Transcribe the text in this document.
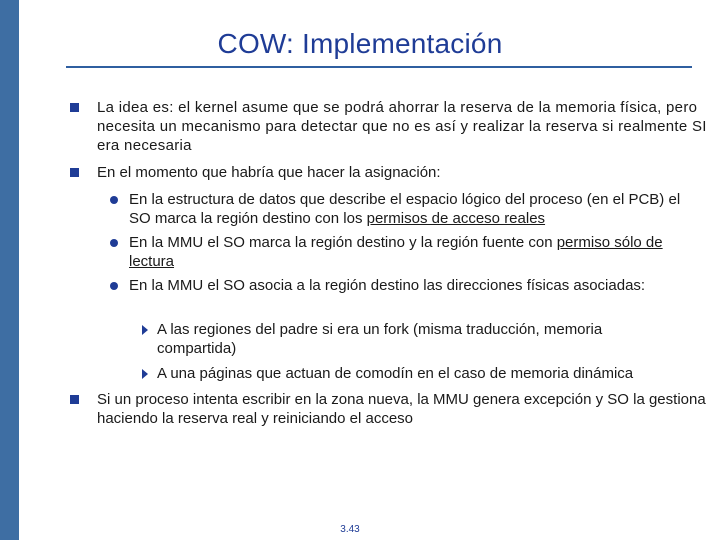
COW: Implementación
La idea es: el kernel asume que se podrá ahorrar la reserva de la memoria física, pero necesita un mecanismo para detectar que no es así y realizar la reserva si realmente SI era necesaria
En el momento que habría que hacer la asignación:
En la estructura de datos que describe el espacio lógico del proceso (en el PCB) el SO marca la región destino con los permisos de acceso reales
En la MMU el SO marca la región destino y la región fuente con permiso sólo de lectura
En la MMU el SO asocia a la región destino las direcciones físicas asociadas:
A las regiones del padre si era un fork (misma traducción, memoria compartida)
A una páginas que actuan de comodín en el caso de memoria dinámica
Si un proceso intenta escribir en la zona nueva, la MMU genera excepción y SO la gestiona haciendo la reserva real y reiniciando el acceso
3.43
